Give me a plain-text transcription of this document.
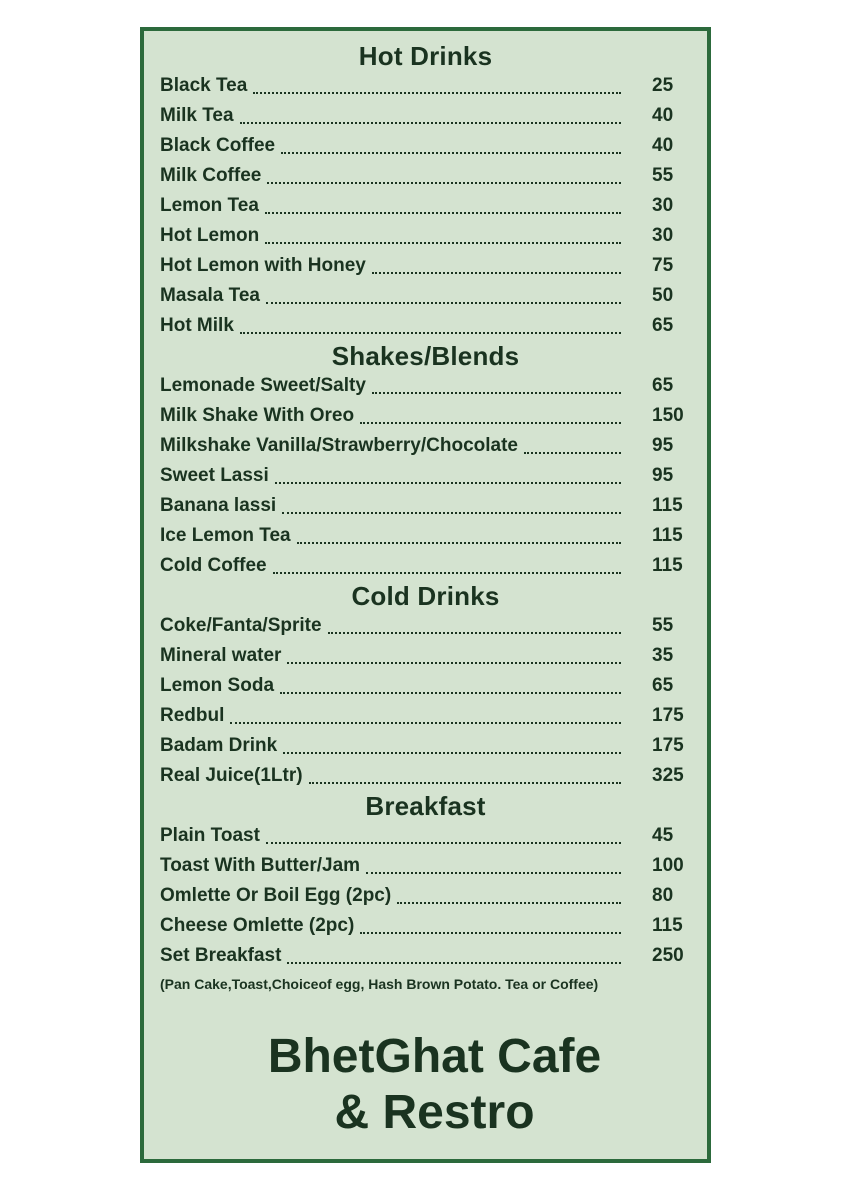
Hot Drinks
Black Tea	25
Milk Tea	40
Black Coffee	40
Milk Coffee	55
Lemon Tea	30
Hot Lemon	30
Hot Lemon with Honey	75
Masala Tea	50
Hot Milk	65
Shakes/Blends
Lemonade Sweet/Salty	65
Milk Shake With Oreo	150
Milkshake Vanilla/Strawberry/Chocolate	95
Sweet Lassi	95
Banana lassi	115
Ice Lemon Tea	115
Cold Coffee	115
Cold Drinks
Coke/Fanta/Sprite	55
Mineral water	35
Lemon Soda	65
Redbul	175
Badam Drink	175
Real Juice(1Ltr)	325
Breakfast
Plain Toast	45
Toast With Butter/Jam	100
Omlette Or Boil Egg (2pc)	80
Cheese Omlette (2pc)	115
Set Breakfast	250
(Pan Cake,Toast,Choiceof egg, Hash Brown Potato. Tea or Coffee)
BhetGhat Cafe
& Restro
